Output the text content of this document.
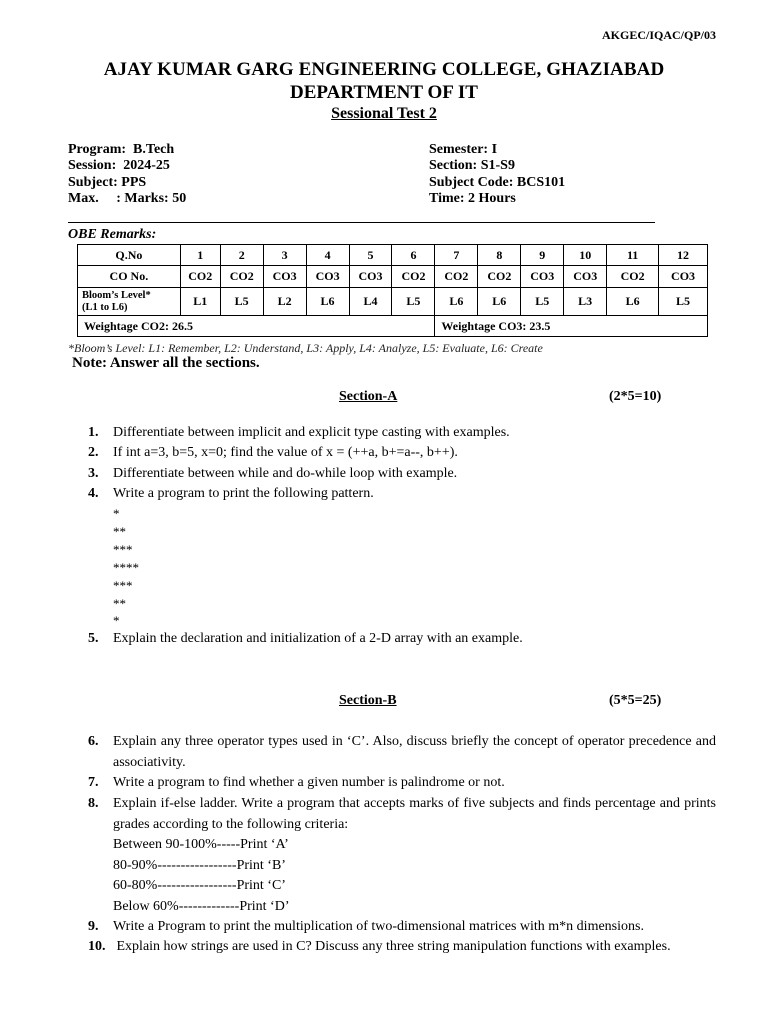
AKGEC/IQAC/QP/03
AJAY KUMAR GARG ENGINEERING COLLEGE, GHAZIABAD
DEPARTMENT OF IT
Sessional Test 2
Program:  B.Tech
Session:  2024-25
Subject: PPS
Max.     : Marks: 50
Semester: I
Section: S1-S9
Subject Code: BCS101
Time: 2 Hours
OBE Remarks:
Q.No	1	2	3	4	5	6	7	8	9	10	11	12
CO No.	CO2	CO2	CO3	CO3	CO3	CO2	CO2	CO2	CO3	CO3	CO2	CO3

Bloom’s Level*
(L1 to L6)	L1	L5	L2	L6	L4	L5	L6	L6	L5	L3	L6	L5
Weightage CO2: 26.5							Weightage CO3: 23.5					
*Bloom’s Level: L1: Remember, L2: Understand, L3: Apply, L4: Analyze, L5: Evaluate, L6: Create
Note: Answer all the sections.
Section-A	(2*5=10)
1.	Differentiate between implicit and explicit type casting with examples.
2.	If int a=3, b=5, x=0; find the value of x = (++a, b+=a--, b++).
3.	Differentiate between while and do-while loop with example.
4.	Write a program to print the following pattern.
*
**
***
****
***
**
*
5.	Explain the declaration and initialization of a 2-D array with an example.
Section-B	(5*5=25)
6.	Explain any three operator types used in ‘C’. Also, discuss briefly the concept of operator precedence and associativity.
7.	Write a program to find whether a given number is palindrome or not.
8.	Explain if-else ladder. Write a program that accepts marks of five subjects and finds percentage and prints grades according to the following criteria:
Between 90-100%-----Print ‘A’
80-90%-----------------Print ‘B’
60-80%-----------------Print ‘C’
Below 60%-------------Print ‘D’
9.	Write a Program to print the multiplication of two-dimensional matrices with m*n dimensions.
10. Explain how strings are used in C? Discuss any three string manipulation functions with examples.
